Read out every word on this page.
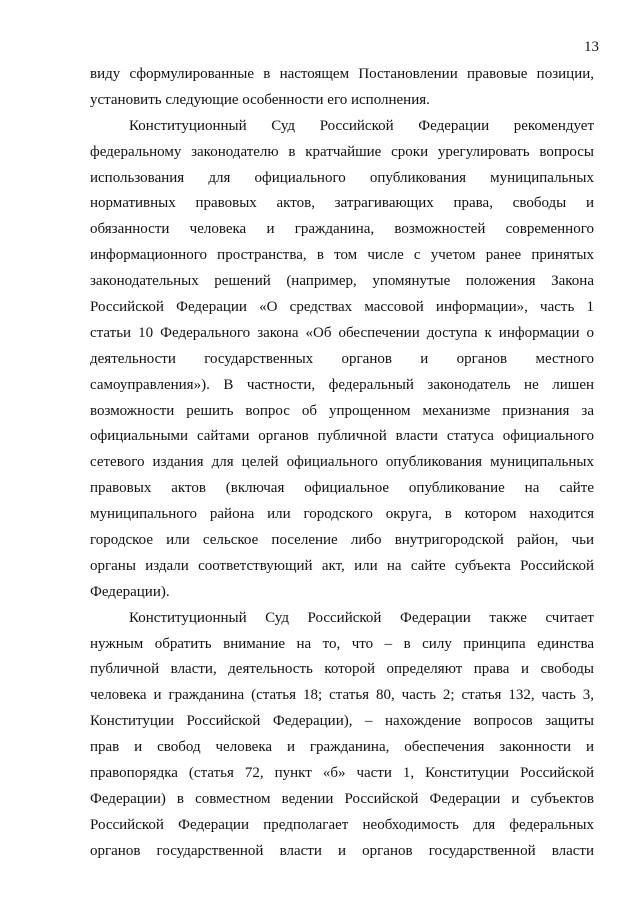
13
виду сформулированные в настоящем Постановлении правовые позиции,
установить следующие особенности его исполнения.
Конституционный Суд Российской Федерации рекомендует
федеральному законодателю в кратчайшие сроки урегулировать вопросы
использования для официального опубликования муниципальных
нормативных правовых актов, затрагивающих права, свободы и
обязанности человека и гражданина, возможностей современного
информационного пространства, в том числе с учетом ранее принятых
законодательных решений (например, упомянутые положения Закона
Российской Федерации «О средствах массовой информации», часть 1
статьи 10 Федерального закона «Об обеспечении доступа к информации о
деятельности государственных органов и органов местного
самоуправления»). В частности, федеральный законодатель не лишен
возможности решить вопрос об упрощенном механизме признания за
официальными сайтами органов публичной власти статуса официального
сетевого издания для целей официального опубликования муниципальных
правовых актов (включая официальное опубликование на сайте
муниципального района или городского округа, в котором находится
городское или сельское поселение либо внутригородской район, чьи
органы издали соответствующий акт, или на сайте субъекта Российской
Федерации).
Конституционный Суд Российской Федерации также считает
нужным обратить внимание на то, что – в силу принципа единства
публичной власти, деятельность которой определяют права и свободы
человека и гражданина (статья 18; статья 80, часть 2; статья 132, часть 3,
Конституции Российской Федерации), – нахождение вопросов защиты
прав и свобод человека и гражданина, обеспечения законности и
правопорядка (статья 72, пункт «б» части 1, Конституции Российской
Федерации) в совместном ведении Российской Федерации и субъектов
Российской Федерации предполагает необходимость для федеральных
органов государственной власти и органов государственной власти
